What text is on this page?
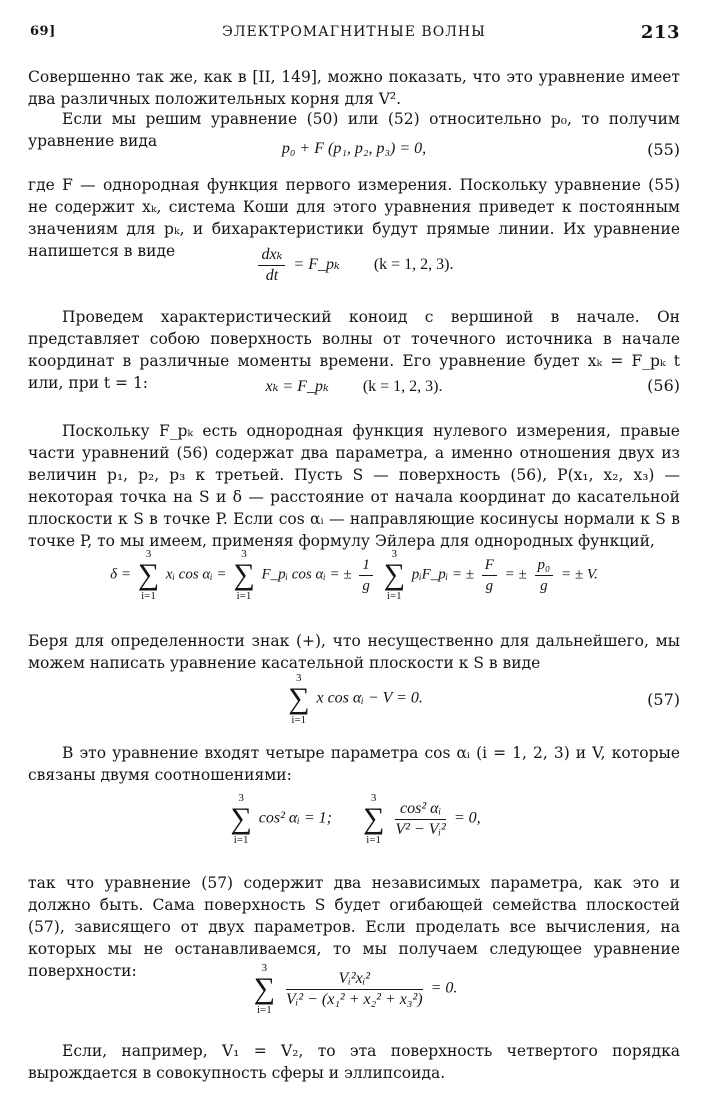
69]	ЭЛЕКТРОМАГНИТНЫЕ ВОЛНЫ	213
Совершенно так же, как в [II, 149], можно показать, что это уравнение имеет два различных положительных корня для V².
Если мы решим уравнение (50) или (52) относительно p₀, то получим уравнение вида	p₀ + F (p₁, p₂, p₃) = 0,	(55)
где F — однородная функция первого измерения. Поскольку уравнение (55) не содержит xₖ, система Коши для этого уравнения приведет к постоянным значениям для pₖ, и бихарактеристики будут прямые линии. Их уравнение напишется в виде	$\frac{\text{dxₖ}}{dt}$ = F_pₖ (k = 1, 2, 3).
Проведем характеристический коноид с вершиной в начале. Он представляет собою поверхность волны от точечного источника в начале координат в различные моменты времени. Его уравнение будет xₖ = F_pₖ t или, при t = 1:	xₖ = F_pₖ (k = 1, 2, 3).	(56)
Поскольку F_pₖ есть однородная функция нулевого измерения, правые части уравнений (56) содержат два параметра, а именно отношения двух из величин p₁, p₂, p₃ к третьей. Пусть S — поверхность (56), P(x₁, x₂, x₃) — некоторая точка на S и δ — расстояние от начала координат до касательной плоскости к S в точке P. Если cos αᵢ — направляющие косинусы нормали к S в точке P, то мы имеем, применяя формулу Эйлера для однородных функций,
δ =
3
∑
i=1
xᵢ cos αᵢ =
3
∑
i=1
F_pᵢ cos αᵢ = ± $\frac{1}{g}$

3
∑
i=1
pᵢF_pᵢ = ± $\frac{F}{g}$ = ± $\frac{\text{p₀}}{g}$ = ± V.
Беря для определенности знак (+), что несущественно для дальнейшего, мы можем написать уравнение касательной плоскости к S в виде
3
∑
i=1
x cos αᵢ − V = 0.	(57)
В это уравнение входят четыре параметра cos αᵢ (i = 1, 2, 3) и V, которые связаны двумя соотношениями:
3
∑
i=1
cos² αᵢ = 1;
3
∑
i=1

$\frac{\text{cos² αᵢ}}{\text{V² − Vᵢ²}} = 0$,
так что уравнение (57) содержит два независимых параметра, как это и должно быть. Сама поверхность S будет огибающей семейства плоскостей (57), зависящего от двух параметров. Если проделать все вычисления, на которых мы не останавливаемся, то мы получаем следующее уравнение поверхности:	3
∑
i=1

$\frac{\text{Vᵢ²xᵢ²}}{\text{Vᵢ² − (x₁² + x₂² + x₃²)}} = 0$.
Если, например, V₁ = V₂, то эта поверхность четвертого порядка вырождается в совокупность сферы и эллипсоида.
